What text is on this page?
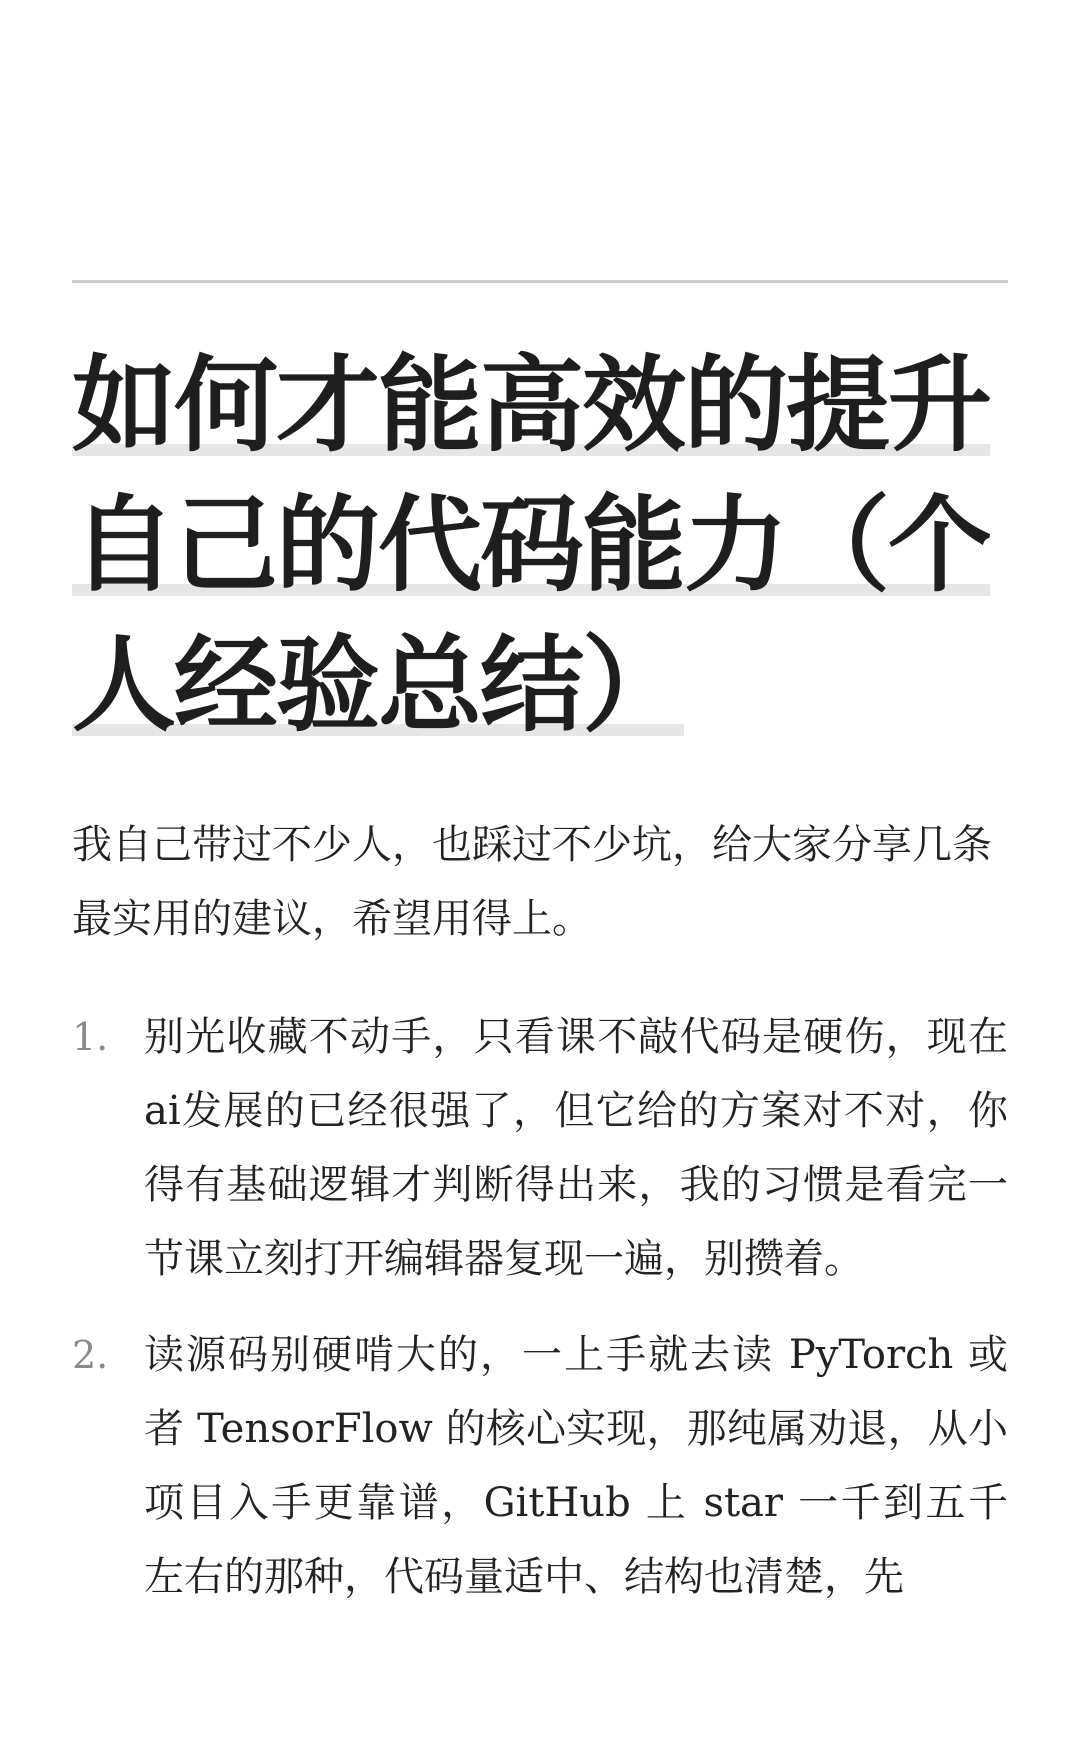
如何才能高效的提升自己的代码能力（个人经验总结）

我自己带过不少人，也踩过不少坑，给大家分享几条最实用的建议，希望用得上。

1. 别光收藏不动手，只看课不敲代码是硬伤，现在 ai发展的已经很强了，但它给的方案对不对，你得有基础逻辑才判断得出来，我的习惯是看完一节课立刻打开编辑器复现一遍，别攒着。
2. 读源码别硬啃大的，一上手就去读 PyTorch 或者 TensorFlow 的核心实现，那纯属劝退，从小项目入手更靠谱，GitHub 上 star 一千到五千左右的那种，代码量适中、结构也清楚，先
